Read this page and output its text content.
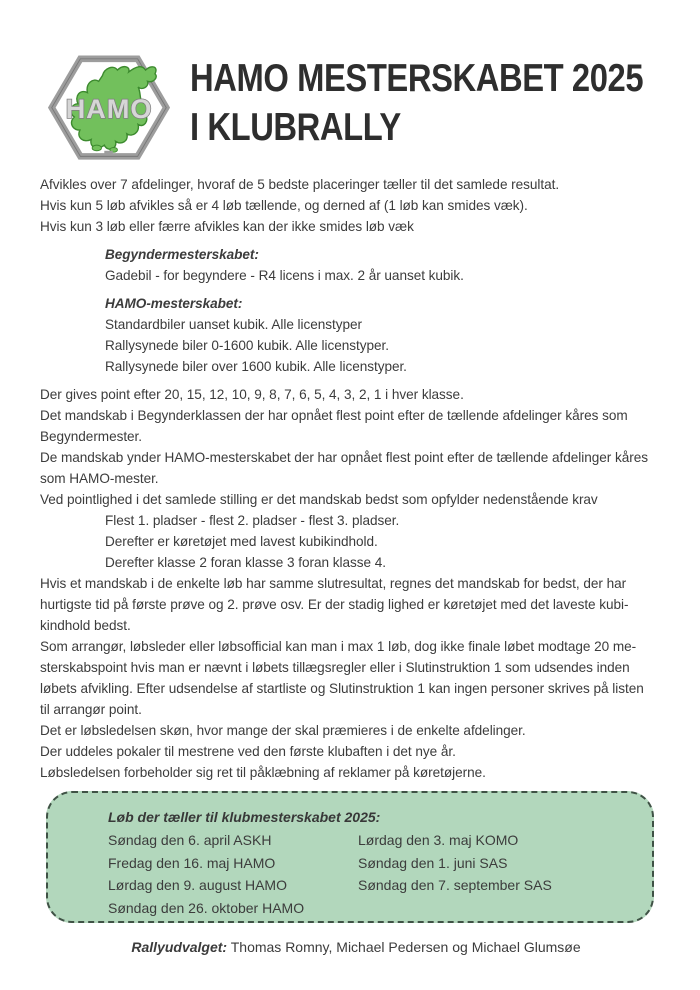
HAMO
HAMO MESTERSKABET 2025
I KLUBRALLY
Afvikles over 7 afdelinger, hvoraf de 5 bedste placeringer tæller til det samlede resultat.
Hvis kun 5 løb afvikles så er 4 løb tællende, og derned af (1 løb kan smides væk).
Hvis kun 3 løb eller færre afvikles kan der ikke smides løb væk
Begyndermesterskabet:
Gadebil - for begyndere - R4 licens i max. 2 år uanset kubik.
HAMO-mesterskabet:
Standardbiler uanset kubik. Alle licenstyper
Rallysynede biler 0-1600 kubik. Alle licenstyper.
Rallysynede biler over 1600 kubik. Alle licenstyper.
Der gives point efter 20, 15, 12, 10, 9, 8, 7, 6, 5, 4, 3, 2, 1 i hver klasse.
Det mandskab i Begynderklassen der har opnået flest point efter de tællende afdelinger kåres som
Begyndermester.
De mandskab ynder HAMO-mesterskabet der har opnået flest point efter de tællende afdelinger kåres
som HAMO-mester.
Ved pointlighed i det samlede stilling er det mandskab bedst som opfylder nedenstående krav
Flest 1. pladser - flest 2. pladser - flest 3. pladser.
Derefter er køretøjet med lavest kubikindhold.
Derefter klasse 2 foran klasse 3 foran klasse 4.
Hvis et mandskab i de enkelte løb har samme slutresultat, regnes det mandskab for bedst, der har
hurtigste tid på første prøve og 2. prøve osv. Er der stadig lighed er køretøjet med det laveste kubi-
kindhold bedst.
Som arrangør, løbsleder eller løbsofficial kan man i max 1 løb, dog ikke finale løbet modtage 20 me-
sterskabspoint hvis man er nævnt i løbets tillægsregler eller i Slutinstruktion 1 som udsendes inden
løbets afvikling. Efter udsendelse af startliste og Slutinstruktion 1 kan ingen personer skrives på listen
til arrangør point.
Det er løbsledelsen skøn, hvor mange der skal præmieres i de enkelte afdelinger.
Der uddeles pokaler til mestrene ved den første klubaften i det nye år.
Løbsledelsen forbeholder sig ret til påklæbning af reklamer på køretøjerne.
Løb der tæller til klubmesterskabet 2025:
Søndag den 6. april ASKH
Fredag den 16. maj HAMO
Lørdag den 9. august HAMO
Søndag den 26. oktober HAMO
Lørdag den 3. maj KOMO
Søndag den 1. juni SAS
Søndag den 7. september SAS
Rallyudvalget: Thomas Romny, Michael Pedersen og Michael Glumsøe
